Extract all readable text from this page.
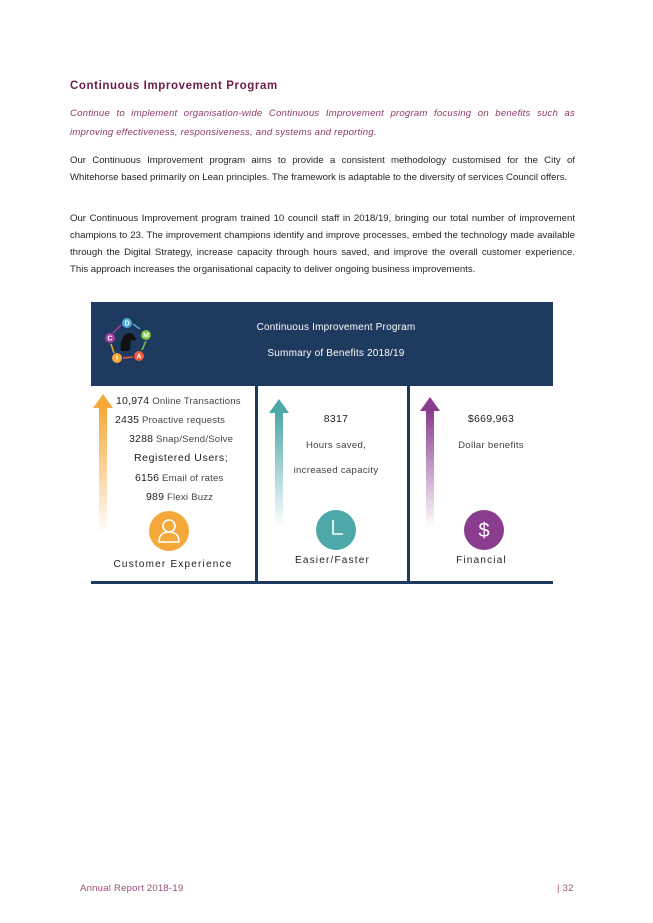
Continuous Improvement Program
Continue to implement organisation-wide Continuous Improvement program focusing on benefits such as improving effectiveness, responsiveness, and systems and reporting.
Our Continuous Improvement program aims to provide a consistent methodology customised for the City of Whitehorse based primarily on Lean principles. The framework is adaptable to the diversity of services Council offers.
Our Continuous Improvement program trained 10 council staff in 2018/19, bringing our total number of improvement champions to 23. The improvement champions identify and improve processes, embed the technology made available through the Digital Strategy, increase capacity through hours saved, and improve the overall customer experience. This approach increases the organisational capacity to deliver ongoing business improvements.
D
M
A
I
C
Continuous Improvement Program
Summary of Benefits 2018/19
10,974 Online Transactions
2435 Proactive requests
3288 Snap/Send/Solve
Registered Users;
6156 Email of rates
989 Flexi Buzz
Customer Experience
8317
Hours saved,
increased capacity
Easier/Faster
$669,963
Dollar benefits
$
Financial
Annual Report 2018-19	| 32
